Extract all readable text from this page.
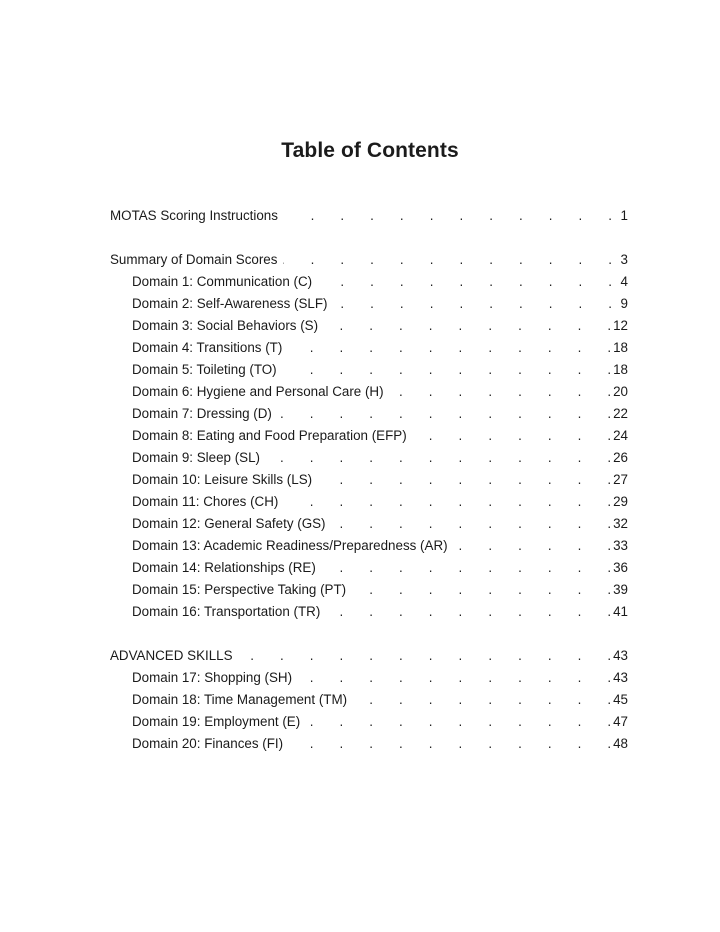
Table of Contents
MOTAS Scoring Instructions .	1
Summary of Domain Scores .	3
Domain 1: Communication (C) .	4
Domain 2: Self-Awareness (SLF) .	9
Domain 3: Social Behaviors (S) .	12
Domain 4: Transitions (T) .	18
Domain 5: Toileting (TO) .	18
Domain 6: Hygiene and Personal Care (H) .	20
Domain 7: Dressing (D) .	22
Domain 8: Eating and Food Preparation (EFP) .	24
Domain 9: Sleep (SL) .	26
Domain 10: Leisure Skills (LS) .	27
Domain 11: Chores (CH) .	29
Domain 12: General Safety (GS) .	32
Domain 13: Academic Readiness/Preparedness (AR) .	33
Domain 14: Relationships (RE) .	36
Domain 15: Perspective Taking (PT) .	39
Domain 16: Transportation (TR) .	41
ADVANCED SKILLS .	43
Domain 17: Shopping (SH) .	43
Domain 18: Time Management (TM) .	45
Domain 19: Employment (E) .	47
Domain 20: Finances (FI) .	48
